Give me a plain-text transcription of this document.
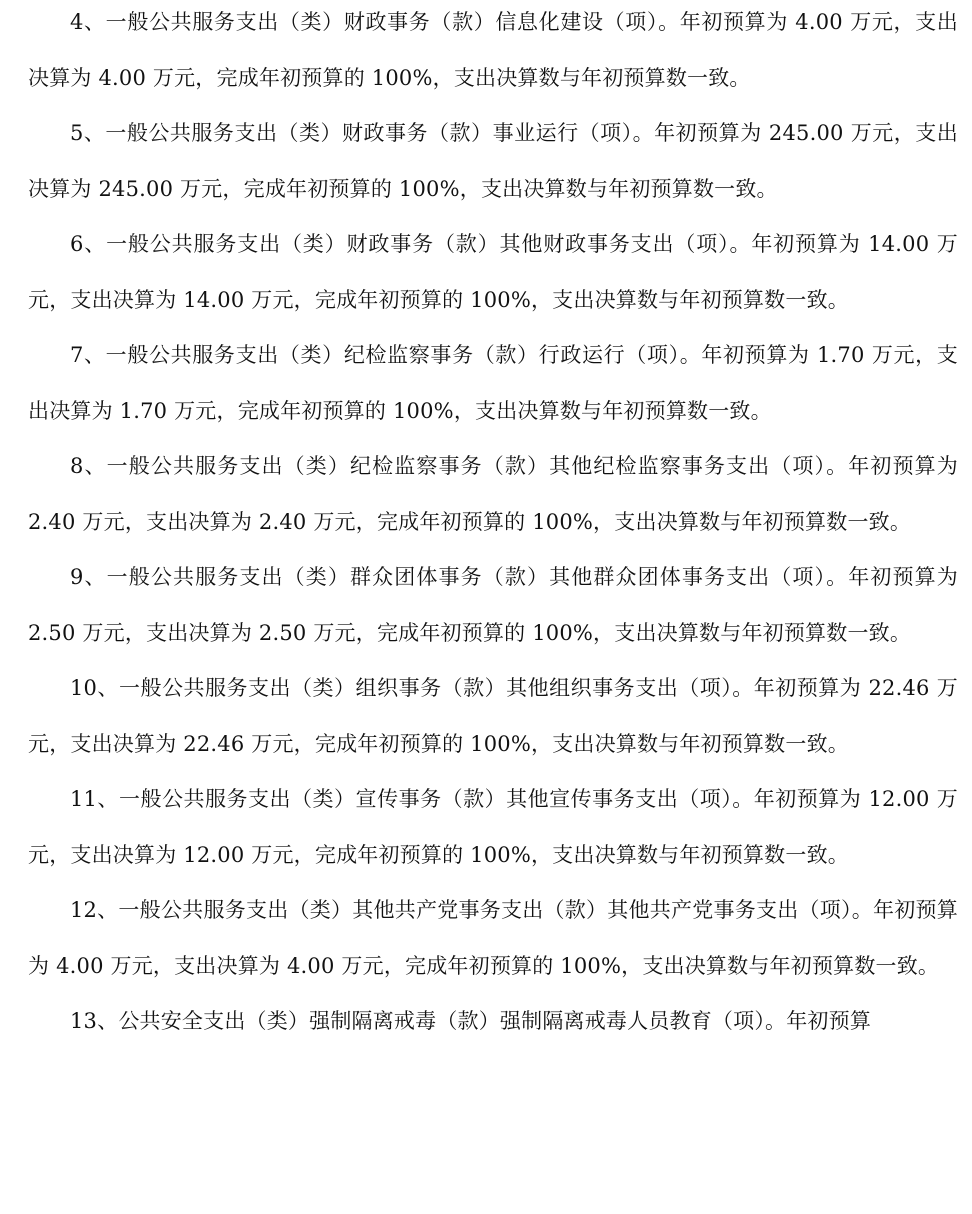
4、一般公共服务支出（类）财政事务（款）信息化建设（项）。年初预算为 4.00 万元，支出决算为 4.00 万元，完成年初预算的 100%，支出决算数与年初预算数一致。

5、一般公共服务支出（类）财政事务（款）事业运行（项）。年初预算为 245.00 万元，支出决算为 245.00 万元，完成年初预算的 100%，支出决算数与年初预算数一致。

6、一般公共服务支出（类）财政事务（款）其他财政事务支出（项）。年初预算为 14.00 万元，支出决算为 14.00 万元，完成年初预算的 100%，支出决算数与年初预算数一致。

7、一般公共服务支出（类）纪检监察事务（款）行政运行（项）。年初预算为 1.70 万元，支出决算为 1.70 万元，完成年初预算的 100%，支出决算数与年初预算数一致。

8、一般公共服务支出（类）纪检监察事务（款）其他纪检监察事务支出（项）。年初预算为 2.40 万元，支出决算为 2.40 万元，完成年初预算的 100%，支出决算数与年初预算数一致。

9、一般公共服务支出（类）群众团体事务（款）其他群众团体事务支出（项）。年初预算为 2.50 万元，支出决算为 2.50 万元，完成年初预算的 100%，支出决算数与年初预算数一致。

10、一般公共服务支出（类）组织事务（款）其他组织事务支出（项）。年初预算为 22.46 万元，支出决算为 22.46 万元，完成年初预算的 100%，支出决算数与年初预算数一致。

11、一般公共服务支出（类）宣传事务（款）其他宣传事务支出（项）。年初预算为 12.00 万元，支出决算为 12.00 万元，完成年初预算的 100%，支出决算数与年初预算数一致。

12、一般公共服务支出（类）其他共产党事务支出（款）其他共产党事务支出（项）。年初预算为 4.00 万元，支出决算为 4.00 万元，完成年初预算的 100%，支出决算数与年初预算数一致。

13、公共安全支出（类）强制隔离戒毒（款）强制隔离戒毒人员教育（项）。年初预算
